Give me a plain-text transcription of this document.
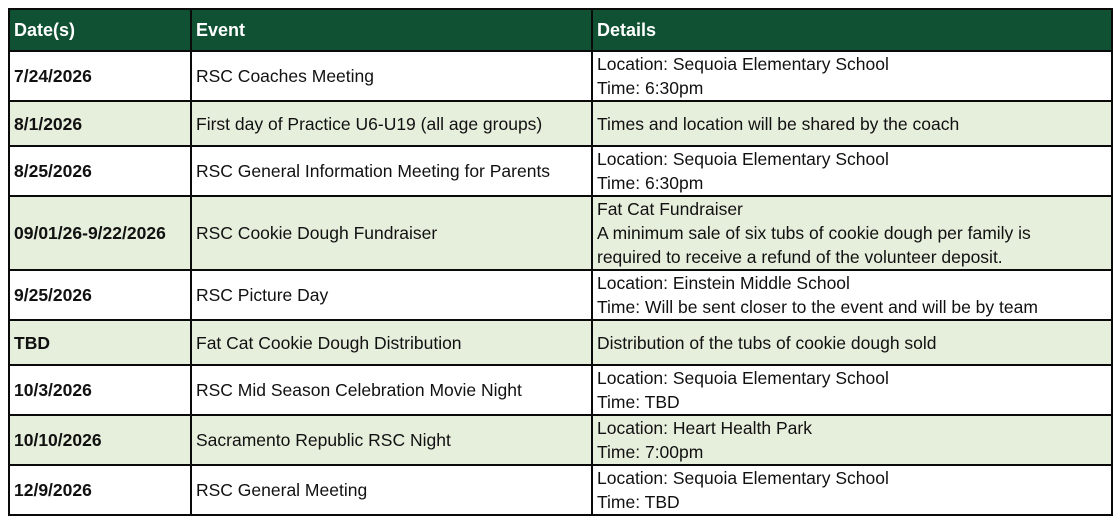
Date(s)	Event	Details
7/24/2026	RSC Coaches Meeting	Location: Sequoia Elementary School
Time: 6:30pm

8/1/2026	First day of Practice U6-U19 (all age groups)	Times and location will be shared by the coach

8/25/2026	RSC General Information Meeting for Parents	Location: Sequoia Elementary School
Time: 6:30pm

09/01/26-9/22/2026	RSC Cookie Dough Fundraiser	Fat Cat Fundraiser
A minimum sale of six tubs of cookie dough per family is
required to receive a refund of the volunteer deposit.

9/25/2026	RSC Picture Day	Location: Einstein Middle School
Time: Will be sent closer to the event and will be by team

TBD	Fat Cat Cookie Dough Distribution	Distribution of the tubs of cookie dough sold

10/3/2026	RSC Mid Season Celebration Movie Night	Location: Sequoia Elementary School
Time: TBD

10/10/2026	Sacramento Republic RSC Night	Location: Heart Health Park
Time: 7:00pm

12/9/2026	RSC General Meeting	Location: Sequoia Elementary School
Time: TBD
